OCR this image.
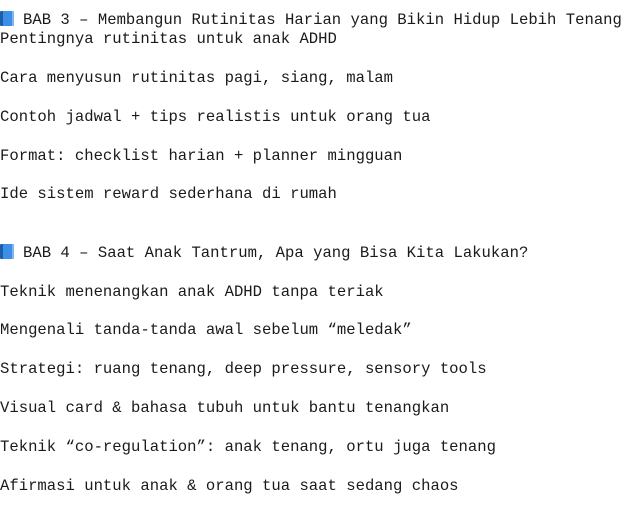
BAB 3 – Membangun Rutinitas Harian yang Bikin Hidup Lebih Tenang
Pentingnya rutinitas untuk anak ADHD
Cara menyusun rutinitas pagi, siang, malam
Contoh jadwal + tips realistis untuk orang tua
Format: checklist harian + planner mingguan
Ide sistem reward sederhana di rumah
BAB 4 – Saat Anak Tantrum, Apa yang Bisa Kita Lakukan?
Teknik menenangkan anak ADHD tanpa teriak
Mengenali tanda-tanda awal sebelum “meledak”
Strategi: ruang tenang, deep pressure, sensory tools
Visual card & bahasa tubuh untuk bantu tenangkan
Teknik “co-regulation”: anak tenang, ortu juga tenang
Afirmasi untuk anak & orang tua saat sedang chaos
